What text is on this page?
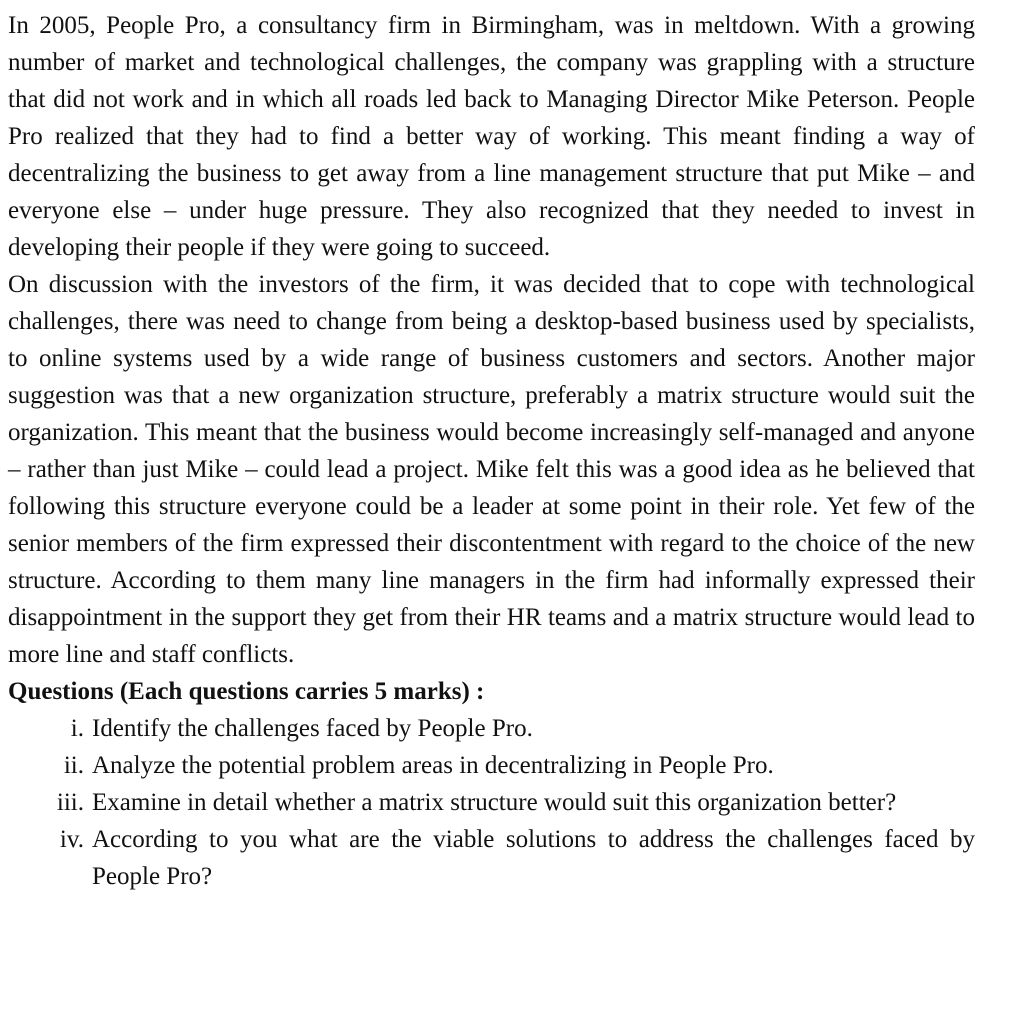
In 2005, People Pro, a consultancy firm in Birmingham, was in meltdown. With a growing number of market and technological challenges, the company was grappling with a structure that did not work and in which all roads led back to Managing Director Mike Peterson. People Pro realized that they had to find a better way of working. This meant finding a way of decentralizing the business to get away from a line management structure that put Mike – and everyone else – under huge pressure. They also recognized that they needed to invest in developing their people if they were going to succeed.

On discussion with the investors of the firm, it was decided that to cope with technological challenges, there was need to change from being a desktop-based business used by specialists, to online systems used by a wide range of business customers and sectors. Another major suggestion was that a new organization structure, preferably a matrix structure would suit the organization. This meant that the business would become increasingly self-managed and anyone – rather than just Mike – could lead a project. Mike felt this was a good idea as he believed that following this structure everyone could be a leader at some point in their role. Yet few of the senior members of the firm expressed their discontentment with regard to the choice of the new structure. According to them many line managers in the firm had informally expressed their disappointment in the support they get from their HR teams and a matrix structure would lead to more line and staff conflicts.

Questions (Each questions carries 5 marks) :

i. Identify the challenges faced by People Pro.
ii. Analyze the potential problem areas in decentralizing in People Pro.
iii. Examine in detail whether a matrix structure would suit this organization better?
iv. According to you what are the viable solutions to address the challenges faced by People Pro?
